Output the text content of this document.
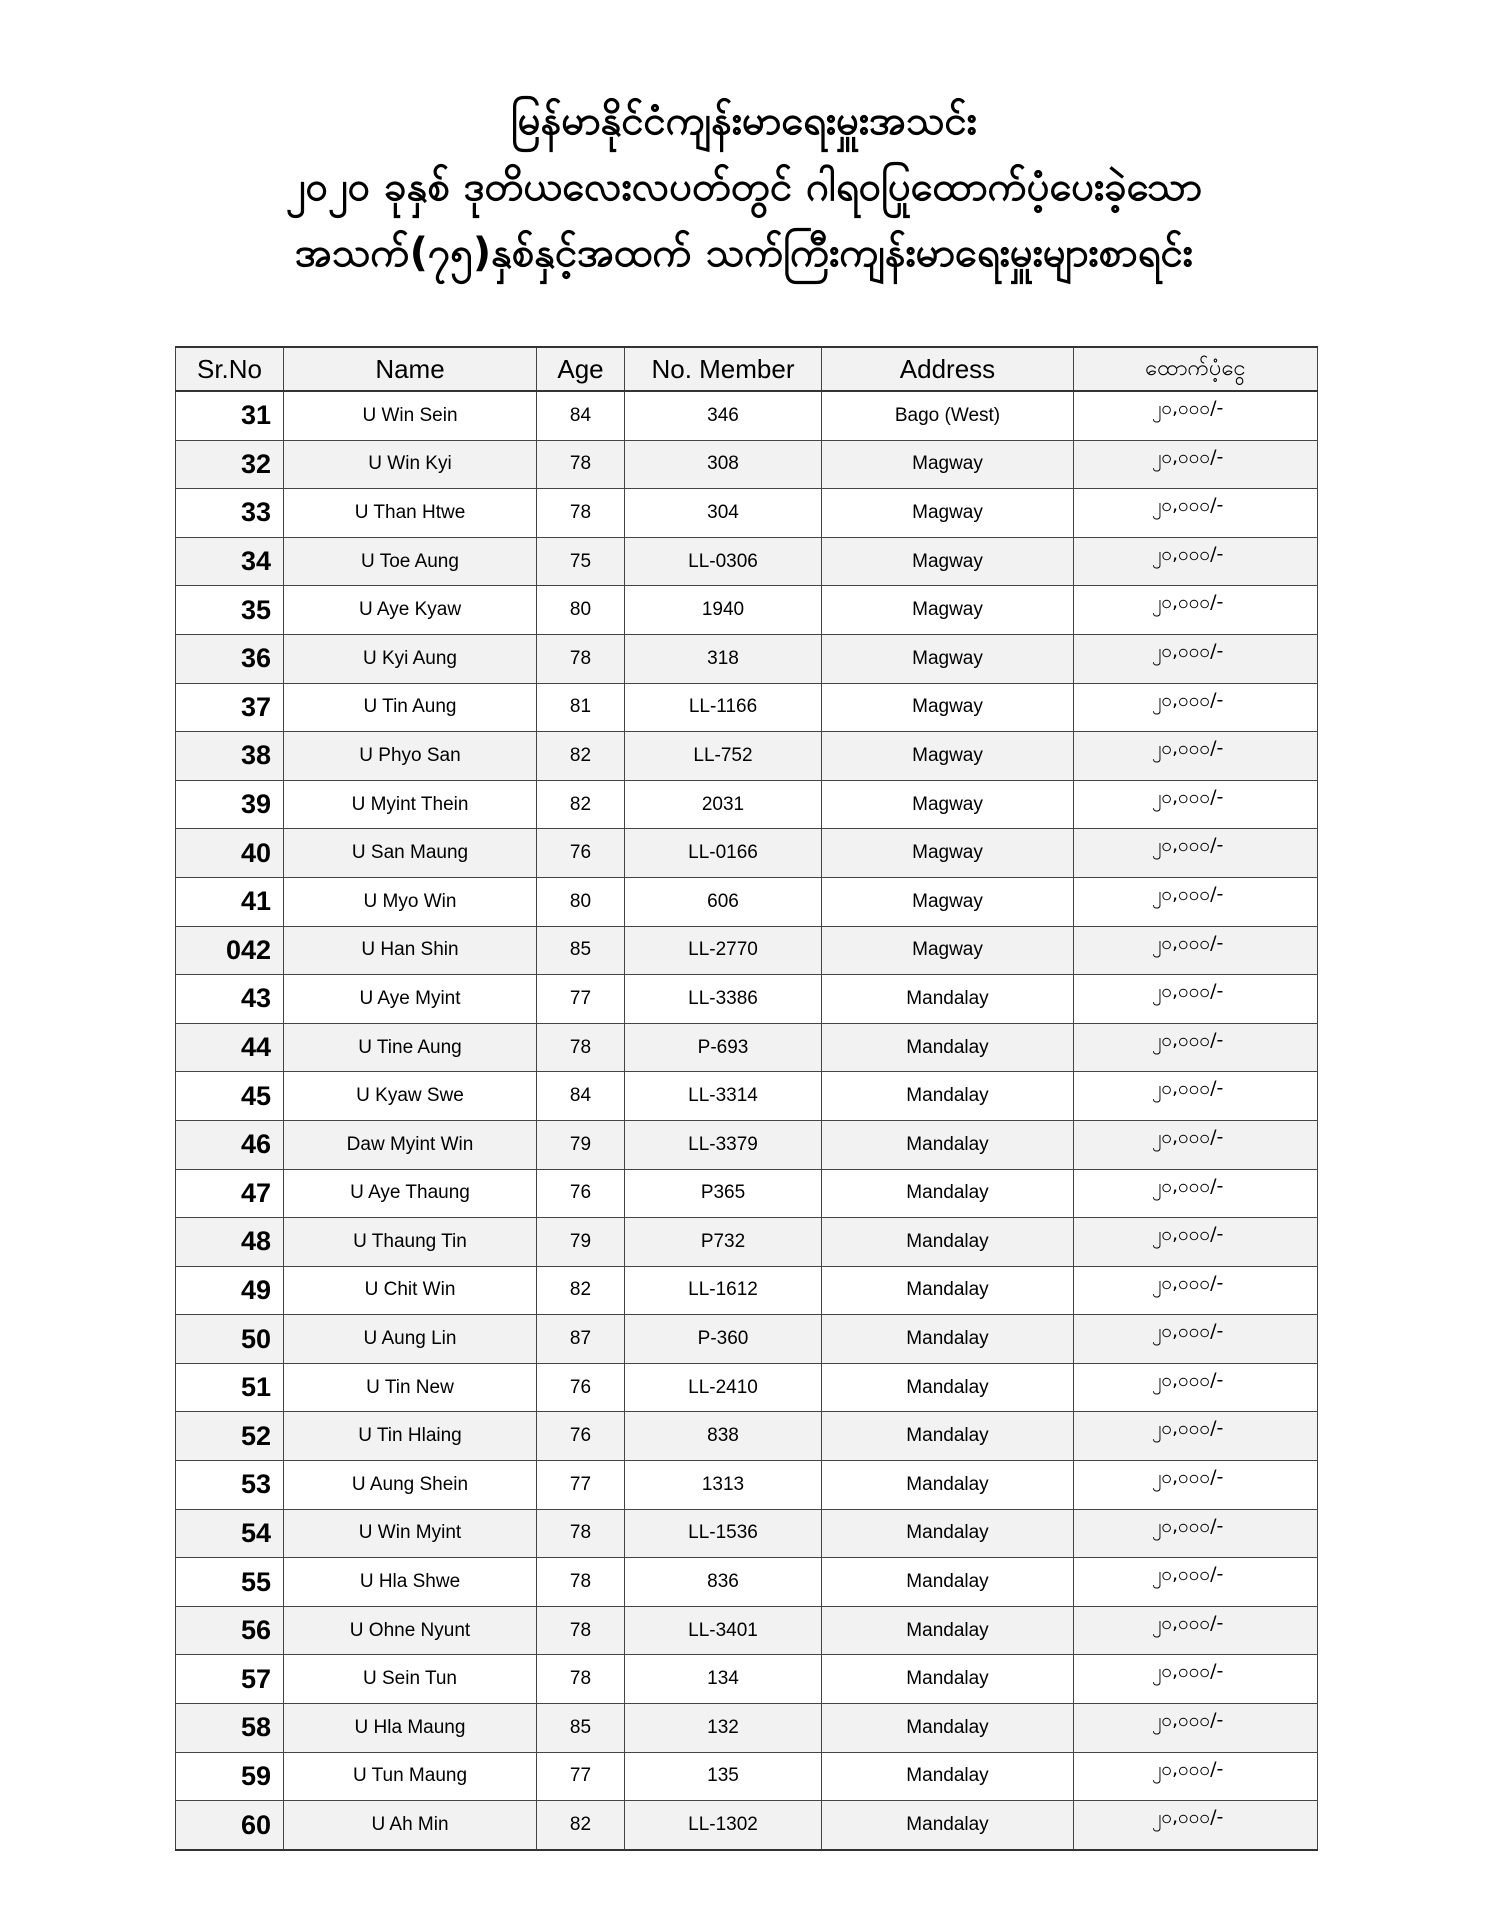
မြန်မာနိုင်ငံကျန်းမာရေးမှူးအသင်း
၂၀၂၀ ခုနှစ် ဒုတိယလေးလပတ်တွင် ဂါရဝပြုထောက်ပံ့ပေးခဲ့သော
အသက်(၇၅)နှစ်နှင့်အထက် သက်ကြီးကျန်းမာရေးမှူးများစာရင်း
Sr.No	Name	Age	No. Member	Address	ထောက်ပံ့ငွေ
31	U Win Sein	84	346	Bago (West)	၂၀,၀၀၀/-
32	U Win Kyi	78	308	Magway	၂၀,၀၀၀/-
33	U Than Htwe	78	304	Magway	၂၀,၀၀၀/-
34	U Toe Aung	75	LL-0306	Magway	၂၀,၀၀၀/-
35	U Aye Kyaw	80	1940	Magway	၂၀,၀၀၀/-
36	U Kyi Aung	78	318	Magway	၂၀,၀၀၀/-
37	U Tin Aung	81	LL-1166	Magway	၂၀,၀၀၀/-
38	U Phyo San	82	LL-752	Magway	၂၀,၀၀၀/-
39	U Myint Thein	82	2031	Magway	၂၀,၀၀၀/-
40	U San Maung	76	LL-0166	Magway	၂၀,၀၀၀/-
41	U Myo Win	80	606	Magway	၂၀,၀၀၀/-
042	U Han Shin	85	LL-2770	Magway	၂၀,၀၀၀/-
43	U Aye Myint	77	LL-3386	Mandalay	၂၀,၀၀၀/-
44	U Tine Aung	78	P-693	Mandalay	၂၀,၀၀၀/-
45	U Kyaw Swe	84	LL-3314	Mandalay	၂၀,၀၀၀/-
46	Daw Myint Win	79	LL-3379	Mandalay	၂၀,၀၀၀/-
47	U Aye Thaung	76	P365	Mandalay	၂၀,၀၀၀/-
48	U Thaung Tin	79	P732	Mandalay	၂၀,၀၀၀/-
49	U Chit Win	82	LL-1612	Mandalay	၂၀,၀၀၀/-
50	U Aung Lin	87	P-360	Mandalay	၂၀,၀၀၀/-
51	U Tin New	76	LL-2410	Mandalay	၂၀,၀၀၀/-
52	U Tin Hlaing	76	838	Mandalay	၂၀,၀၀၀/-
53	U Aung Shein	77	1313	Mandalay	၂၀,၀၀၀/-
54	U Win Myint	78	LL-1536	Mandalay	၂၀,၀၀၀/-
55	U Hla Shwe	78	836	Mandalay	၂၀,၀၀၀/-
56	U Ohne Nyunt	78	LL-3401	Mandalay	၂၀,၀၀၀/-
57	U Sein Tun	78	134	Mandalay	၂၀,၀၀၀/-
58	U Hla Maung	85	132	Mandalay	၂၀,၀၀၀/-
59	U Tun Maung	77	135	Mandalay	၂၀,၀၀၀/-
60	U Ah Min	82	LL-1302	Mandalay	၂၀,၀၀၀/-
